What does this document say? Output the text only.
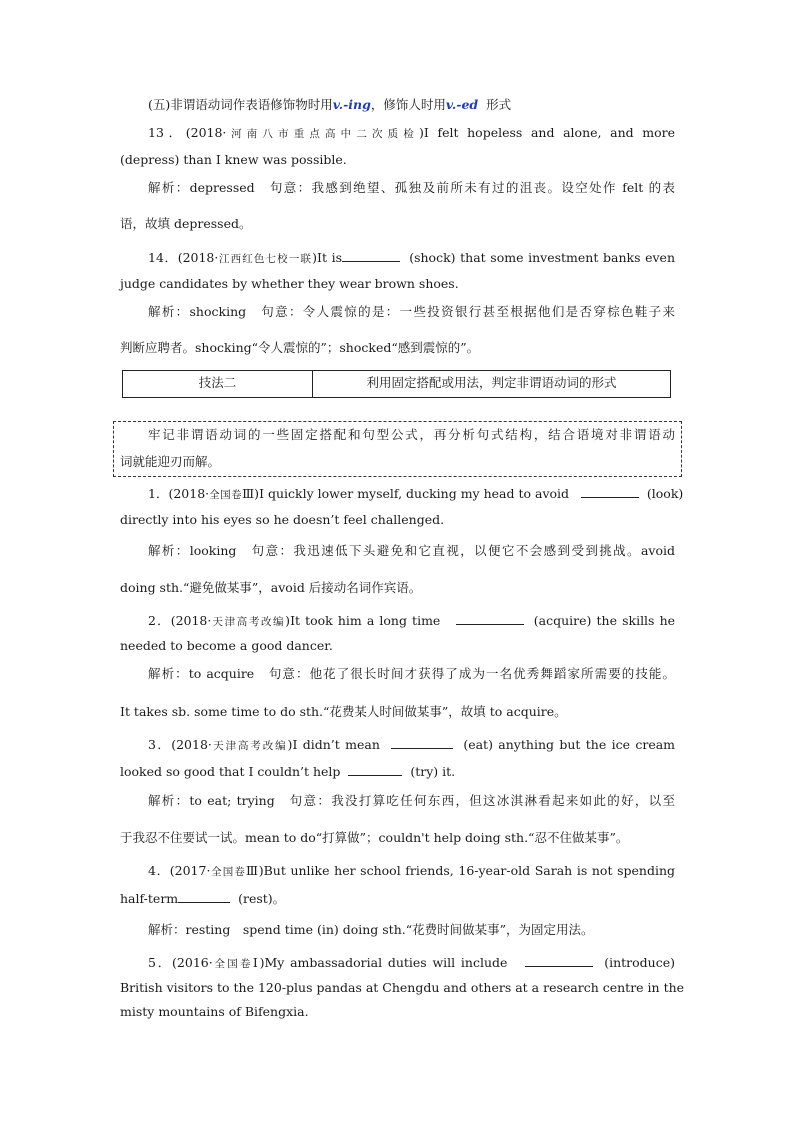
(五)非谓语动词作表语修饰物时用v.-ing，修饰人时用v.-ed 形式
13．(2018·河南八市重点高中二次质检)I felt hopeless and alone, and more
(depress) than I knew was possible.
解析：depressed　句意：我感到绝望、孤独及前所未有过的沮丧。设空处作 felt 的表
语，故填 depressed。
14．(2018·江西红色七校一联)It is	(shock) that some investment banks even
judge candidates by whether they wear brown shoes.
解析：shocking　句意：令人震惊的是：一些投资银行甚至根据他们是否穿棕色鞋子来
判断应聘者。shocking“令人震惊的”；shocked“感到震惊的”。
技法二	利用固定搭配或用法，判定非谓语动词的形式
牢记非谓语动词的一些固定搭配和句型公式，再分析句式结构，结合语境对非谓语动
词就能迎刃而解。
1．(2018·全国卷Ⅲ)I quickly lower myself, ducking my head to avoid	(look)
directly into his eyes so he doesn’t feel challenged.
解析：looking　句意：我迅速低下头避免和它直视，以便它不会感到受到挑战。avoid
doing sth.“避免做某事”，avoid 后接动名词作宾语。
2．(2018·天津高考改编)It took him a long time	(acquire) the skills he
needed to become a good dancer.
解析：to acquire　句意：他花了很长时间才获得了成为一名优秀舞蹈家所需要的技能。
It takes sb. some time to do sth.“花费某人时间做某事”，故填 to acquire。
3．(2018·天津高考改编)I didn’t mean	(eat) anything but the ice cream
looked so good that I couldn’t help	(try) it.
解析：to eat; trying　句意：我没打算吃任何东西，但这冰淇淋看起来如此的好，以至
于我忍不住要试一试。mean to do“打算做”；couldn't help doing sth.“忍不住做某事”。
4．(2017·全国卷Ⅲ)But unlike her school friends, 16-year-old Sarah is not spending
half-term	(rest)。
解析：resting　spend time (in) doing sth.“花费时间做某事”，为固定用法。
5．(2016·全国卷Ⅰ)My ambassadorial duties will include	(introduce)
British visitors to the 120-plus pandas at Chengdu and others at a research centre in the
misty mountains of Bifengxia.
